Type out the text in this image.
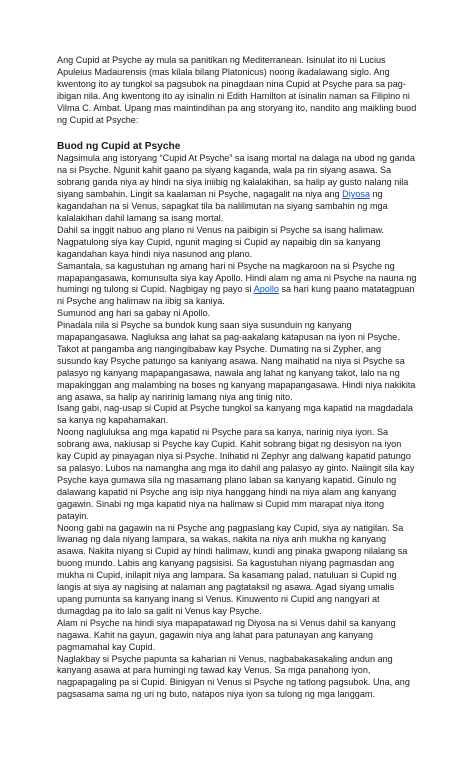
Ang Cupid at Psyche ay mula sa panitikan ng Mediterranean. Isinulat ito ni Lucius Apuleius Madaurensis (mas kilala bilang Platonicus) noong ikadalawang siglo. Ang kwentong ito ay tungkol sa pagsubok na pinagdaan nina Cupid at Psyche para sa pag-ibigan nila. Ang kwentong ito ay isinalin ni Edith Hamilton at isinalin naman sa Filipino ni Vilma C. Ambat. Upang mas maintindihan pa ang storyang ito, nandito ang maikling buod ng Cupid at Psyche:

Buod ng Cupid at Psyche

Nagsimula ang istoryang “Cupid At Psyche” sa isang mortal na dalaga na ubod ng ganda na si Psyche. Ngunit kahit gaano pa siyang kaganda, wala pa rin siyang asawa. Sa sobrang ganda niya ay hindi na siya iniibig ng kalalakihan, sa halip ay gusto nalang nila siyang sambahin. Lingit sa kaalaman ni Psyche, nagagalit na niya ang Diyosa ng kagandahan na si Venus, sapagkat tila ba nalilimutan na siyang sambahin ng mga kalalakihan dahil lamang sa isang mortal.

Dahil sa inggit nabuo ang plano ni Venus na paibigin si Psyche sa isang halimaw. Nagpatulong siya kay Cupid, ngunit maging si Cupid ay napaibig din sa kanyang kagandahan kaya hindi niya nasunod ang plano.

Samantala, sa kagustuhan ng amang hari ni Psyche na magkaroon na si Psyche ng mapapangasawa, komunsulta siya kay Apollo. Hindi alam ng ama ni Psyche na nauna ng humingi ng tulong si Cupid. Nagbigay ng payo si Apollo sa hari kung paano matatagpuan ni Psyche ang halimaw na iibig sa kaniya.

Sumunod ang hari sa gabay ni Apollo.

Pinadala nila si Psyche sa bundok kung saan siya susunduin ng kanyang mapapangasawa. Nagluksa ang lahat sa pag-aakalang katapusan na iyon ni Psyche. Takot at pangamba ang nangingibabaw kay Psyche. Dumating na si Zypher, ang susundo kay Psyche patungo sa kaniyang asawa. Nang maihatid na niya si Psyche sa palasyo ng kanyang mapapangasawa, nawala ang lahat ng kanyang takot, lalo na ng mapakinggan ang malambing na boses ng kanyang mapapangasawa. Hindi niya nakikita ang asawa, sa halip ay naririnig lamang niya ang tinig nito.

Isang gabi, nag-usap si Cupid at Psyche tungkol sa kanyang mga kapatid na magdadala sa kanya ng kapahamakan.

Noong nagluluksa ang mga kapatid ni Psyche para sa kanya, narinig niya iyon. Sa sobrang awa, nakiusap si Psyche kay Cupid. Kahit sobrang bigat ng desisyon na iyon kay Cupid ay pinayagan niya si Psyche. Inihatid ni Zephyr ang dalwang kapatid patungo sa palasyo. Lubos na namangha ang mga ito dahil ang palasyo ay ginto. Naiingit sila kay Psyche kaya gumawa sila ng masamang plano laban sa kanyang kapatid. Ginulo ng dalawang kapatid ni Psyche ang isip niya hanggang hindi na niya alam ang kanyang gagawin. Sinabi ng mga kapatid niya na halimaw si Cupid mm marapat niya itong patayin.

Noong gabi na gagawin na ni Psyche ang pagpaslang kay Cupid, siya ay natigilan. Sa liwanag ng dala niyang lampara, sa wakas, nakita na niya anh mukha ng kanyang asawa. Nakita niyang si Cupid ay hindi halimaw, kundi ang pinaka gwapong nilalang sa buong mundo. Labis ang kanyang pagsisisi. Sa kagustuhan niyang pagmasdan ang mukha ni Cupid, inilapit niya ang lampara. Sa kasamang palad, natuluan si Cupid ng langis at siya ay nagising at nalaman ang pagtataksil ng asawa. Agad siyang umalis upang pumunta sa kanyang inang si Venus. Kinuwento ni Cupid ang nangyari at dumagdag pa ito lalo sa galit ni Venus kay Psyche.

Alam ni Psyche na hindi siya mapapatawad ng Diyosa na si Venus dahil sa kanyang nagawa. Kahit na gayun, gagawin niya ang lahat para patunayan ang kanyang pagmamahal kay Cupid.

Naglakbay si Psyche papunta sa kaharian ni Venus, nagbabakasakaling andun ang kanyang asawa at para humingi ng tawad kay Venus. Sa mga panahong iyon, nagpapagaling pa si Cupid. Binigyan ni Venus si Psyche ng tatlong pagsubok. Una, ang pagsasama sama ng uri ng buto, natapos niya iyon sa tulong ng mga langgam.
